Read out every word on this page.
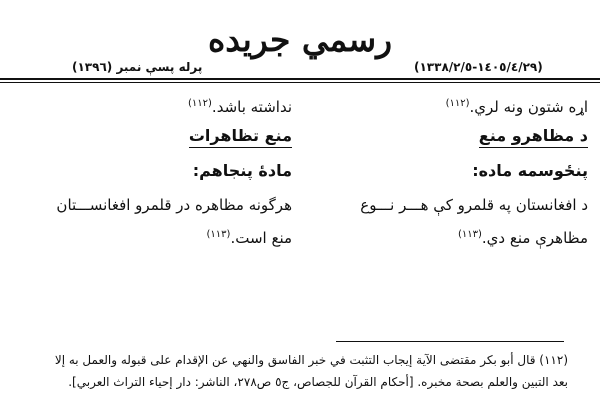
رسمي جريده
پرله پسې نمبر (١٣٩٦)	(١٤٠٥/٤/٢٩-١٣٣٨/٢/٥)
اړه شتون ونه لري.$^{(١١٢)}$
د مظاهرو منع
پنځوسمه ماده:
د افغانستان په قلمرو کې هـــر نـــوع
مظاهرې منع دي.$^{(١١٣)}$
نداشته باشد.$^{(١١٢)}$
منع تظاهرات
مادهٔ پنجاهم:
هرگونه مظاهره در قلمرو افغانســـتان
منع است.$^{(١١٣)}$
(١١٢) قال أبو بكر مقتضى الآية إيجاب التثبت في خبر الفاسق والنهي عن الإقدام على قبوله والعمل به إلا
بعد التبين والعلم بصحة مخبره. [أحكام القرآن للجصاص، ج٥ ص٢٧٨، الناشر: دار إحياء التراث العربي].
